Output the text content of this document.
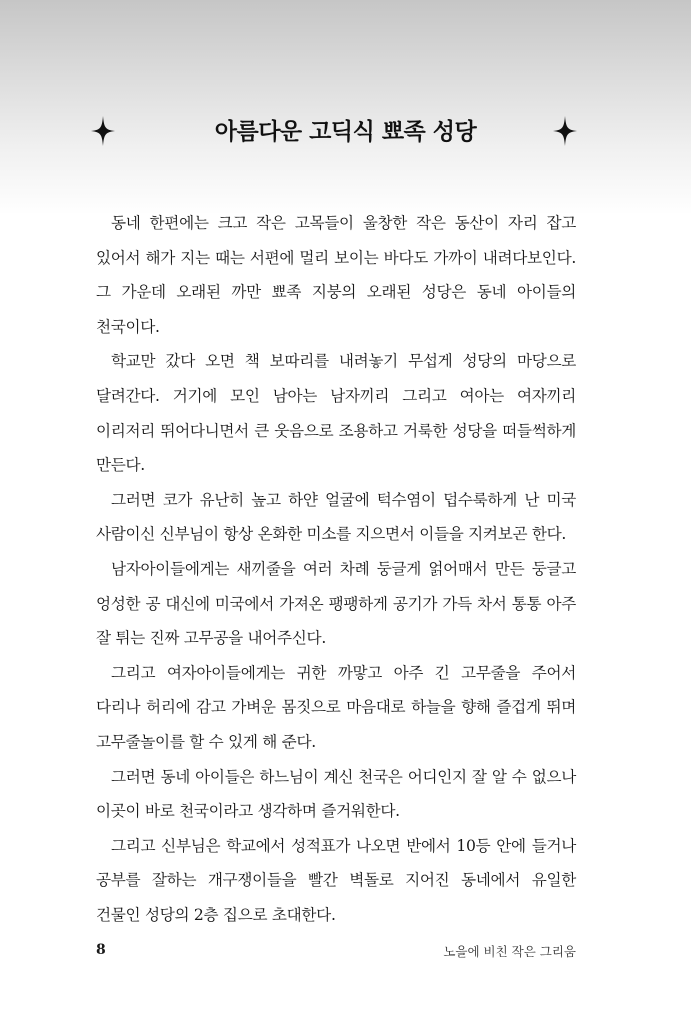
아름다운 고딕식 뾰족 성당

동네 한편에는 크고 작은 고목들이 울창한 작은 동산이 자리 잡고 있어서 해가 지는 때는 서편에 멀리 보이는 바다도 가까이 내려다보인다. 그 가운데 오래된 까만 뾰족 지붕의 오래된 성당은 동네 아이들의 천국이다.

학교만 갔다 오면 책 보따리를 내려놓기 무섭게 성당의 마당으로 달려간다. 거기에 모인 남아는 남자끼리 그리고 여아는 여자끼리 이리저리 뛰어다니면서 큰 웃음으로 조용하고 거룩한 성당을 떠들썩하게 만든다.

그러면 코가 유난히 높고 하얀 얼굴에 턱수염이 덥수룩하게 난 미국 사람이신 신부님이 항상 온화한 미소를 지으면서 이들을 지켜보곤 한다.

남자아이들에게는 새끼줄을 여러 차례 둥글게 얽어매서 만든 둥글고 엉성한 공 대신에 미국에서 가져온 팽팽하게 공기가 가득 차서 통통 아주 잘 튀는 진짜 고무공을 내어주신다.

그리고 여자아이들에게는 귀한 까맣고 아주 긴 고무줄을 주어서 다리나 허리에 감고 가벼운 몸짓으로 마음대로 하늘을 향해 즐겁게 뛰며 고무줄놀이를 할 수 있게 해 준다.

그러면 동네 아이들은 하느님이 계신 천국은 어디인지 잘 알 수 없으나 이곳이 바로 천국이라고 생각하며 즐거워한다.

그리고 신부님은 학교에서 성적표가 나오면 반에서 10등 안에 들거나 공부를 잘하는 개구쟁이들을 빨간 벽돌로 지어진 동네에서 유일한 건물인 성당의 2층 집으로 초대한다.

8	노을에 비친 작은 그리움
